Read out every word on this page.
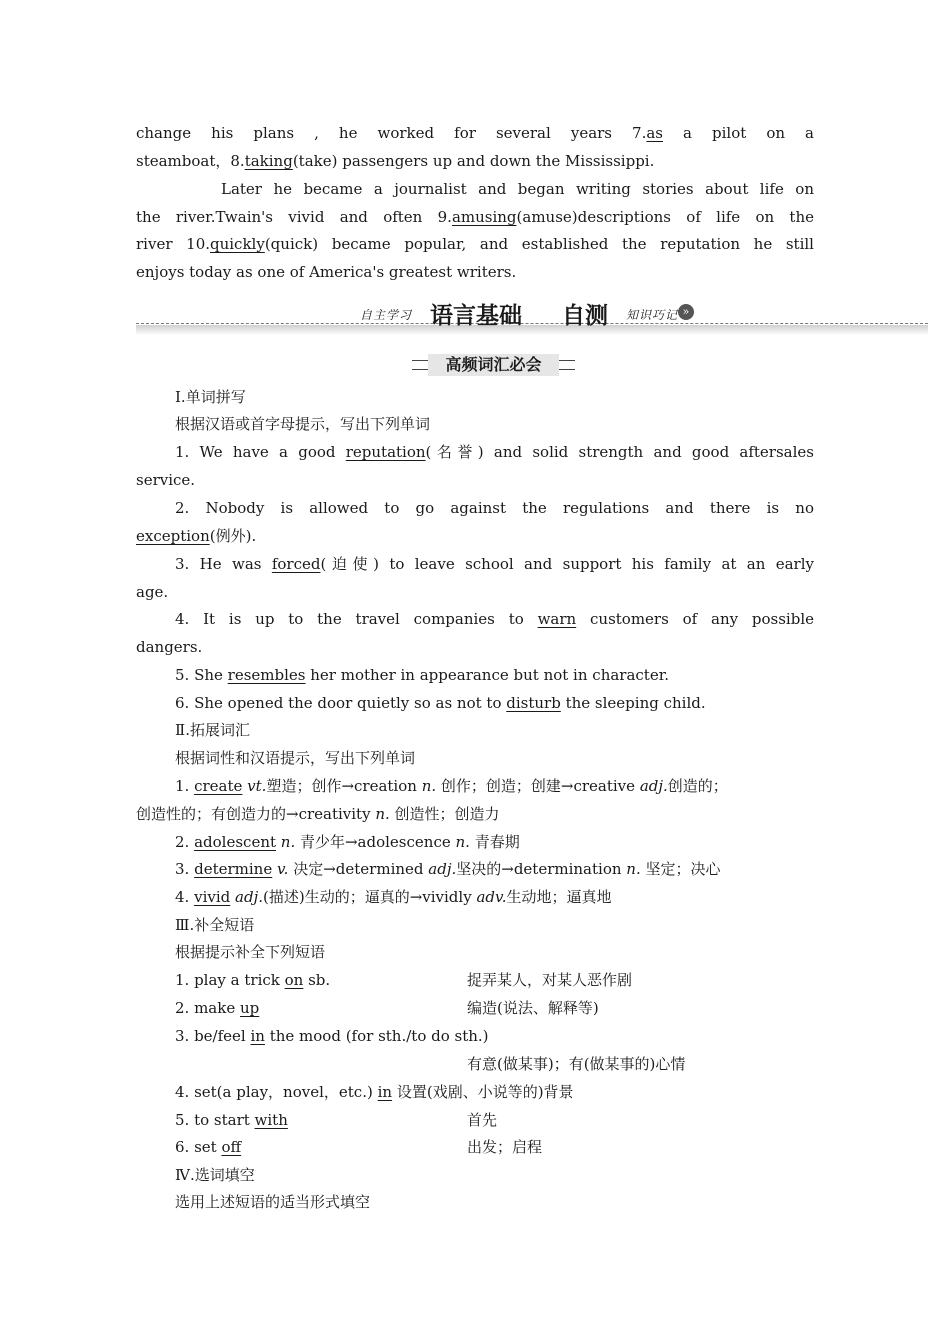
change his plans , he worked for several years 7.as a pilot on a
steamboat，8.taking(take) passengers up and down the Mississippi.
Later he became a journalist and began writing stories about life on
the river.Twain's vivid and often 9.amusing(amuse)descriptions of life on the
river 10.quickly(quick) became popular, and established the reputation he still
enjoys today as one of America's greatest writers.
自主学习 语言基础	»
自测 知识巧记
高频词汇必会
Ⅰ.单词拼写
根据汉语或首字母提示，写出下列单词
1. We have a good reputation(名誉) and solid strength and good aftersales
service.
2. Nobody is allowed to go against the regulations and there is no
exception(例外).
3. He was forced(迫使) to leave school and support his family at an early
age.
4. It is up to the travel companies to warn customers of any possible
dangers.
5. She resembles her mother in appearance but not in character.
6. She opened the door quietly so as not to disturb the sleeping child.
Ⅱ.拓展词汇
根据词性和汉语提示，写出下列单词
1. create vt.塑造；创作→creation n. 创作；创造；创建→creative adj.创造的；
创造性的；有创造力的→creativity n. 创造性；创造力
2. adolescent n. 青少年→adolescence n. 青春期
3. determine v. 决定→determined adj.坚决的→determination n. 坚定；决心
4. vivid adj.(描述)生动的；逼真的→vividly adv.生动地；逼真地
Ⅲ.补全短语
根据提示补全下列短语
1. play a trick on sb.	捉弄某人，对某人恶作剧
2. make up	编造(说法、解释等)
3. be/feel in the mood (for sth./to do sth.)
有意(做某事)；有(做某事的)心情
4. set(a play，novel，etc.) in 设置(戏剧、小说等的)背景
5. to start with	首先
6. set off	出发；启程
Ⅳ.选词填空
选用上述短语的适当形式填空
